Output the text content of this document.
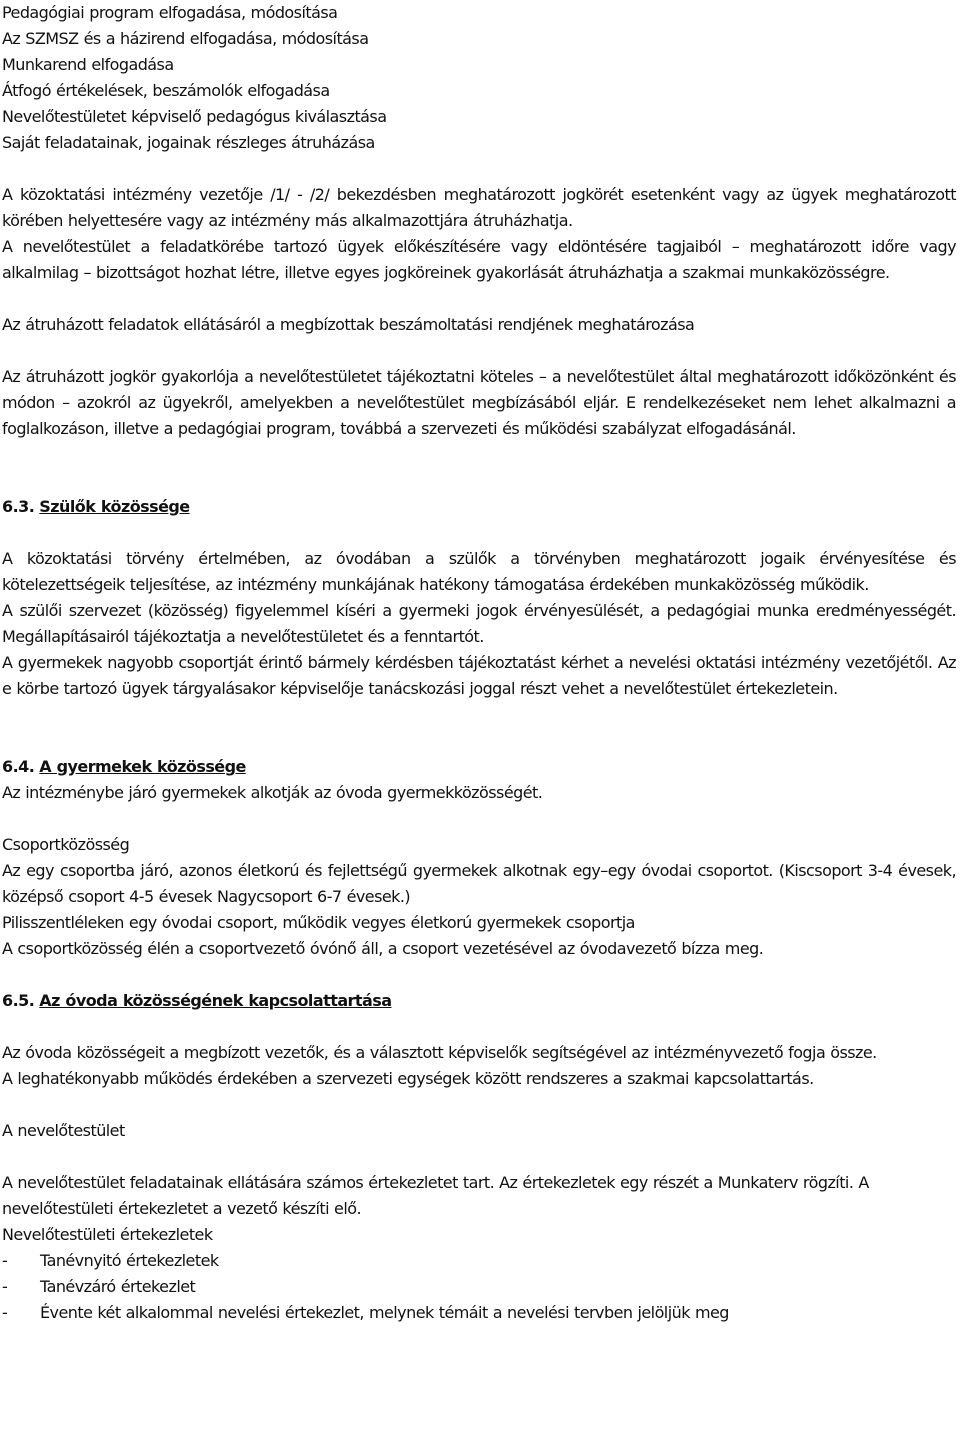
Pedagógiai program elfogadása, módosítása
Az SZMSZ és a házirend elfogadása, módosítása
Munkarend elfogadása
Átfogó értékelések, beszámolók elfogadása
Nevelőtestületet képviselő pedagógus kiválasztása
Saját feladatainak, jogainak részleges átruházása

A közoktatási intézmény vezetője /1/ - /2/ bekezdésben meghatározott jogkörét esetenként vagy az ügyek meghatározott körében helyettesére vagy az intézmény más alkalmazottjára átruházhatja.

A nevelőtestület a feladatkörébe tartozó ügyek előkészítésére vagy eldöntésére tagjaiból – meghatározott időre vagy alkalmilag – bizottságot hozhat létre, illetve egyes jogköreinek gyakorlását átruházhatja a szakmai munkaközösségre.

Az átruházott feladatok ellátásáról a megbízottak beszámoltatási rendjének meghatározása

Az átruházott jogkör gyakorlója a nevelőtestületet tájékoztatni köteles – a nevelőtestület által meghatározott időközönként és módon – azokról az ügyekről, amelyekben a nevelőtestület megbízásából eljár. E rendelkezéseket nem lehet alkalmazni a foglalkozáson, illetve a pedagógiai program, továbbá a szervezeti és működési szabályzat elfogadásánál.

6.3. Szülők közössége

A közoktatási törvény értelmében, az óvodában a szülők a törvényben meghatározott jogaik érvényesítése és kötelezettségeik teljesítése, az intézmény munkájának hatékony támogatása érdekében munkaközösség működik.

A szülői szervezet (közösség) figyelemmel kíséri a gyermeki jogok érvényesülését, a pedagógiai munka eredményességét. Megállapításairól tájékoztatja a nevelőtestületet és a fenntartót.

A gyermekek nagyobb csoportját érintő bármely kérdésben tájékoztatást kérhet a nevelési oktatási intézmény vezetőjétől. Az e körbe tartozó ügyek tárgyalásakor képviselője tanácskozási joggal részt vehet a nevelőtestület értekezletein.

6.4. A gyermekek közössége

Az intézménybe járó gyermekek alkotják az óvoda gyermekközösségét.

Csoportközösség

Az egy csoportba járó, azonos életkorú és fejlettségű gyermekek alkotnak egy–egy óvodai csoportot. (Kiscsoport 3-4 évesek, középső csoport 4-5 évesek Nagycsoport 6-7 évesek.)

Pilisszentléleken egy óvodai csoport, működik vegyes életkorú gyermekek csoportja

A csoportközösség élén a csoportvezető óvónő áll, a csoport vezetésével az óvodavezető bízza meg.

6.5. Az óvoda közösségének kapcsolattartása

Az óvoda közösségeit a megbízott vezetők, és a választott képviselők segítségével az intézményvezető fogja össze.

A leghatékonyabb működés érdekében a szervezeti egységek között rendszeres a szakmai kapcsolattartás.

A nevelőtestület

A nevelőtestület feladatainak ellátására számos értekezletet tart. Az értekezletek egy részét a Munkaterv rögzíti. A nevelőtestületi értekezletet a vezető készíti elő.

Nevelőtestületi értekezletek
-	Tanévnyitó értekezletek
-	Tanévzáró értekezlet
-	Évente két alkalommal nevelési értekezlet, melynek témáit a nevelési tervben jelöljük meg
